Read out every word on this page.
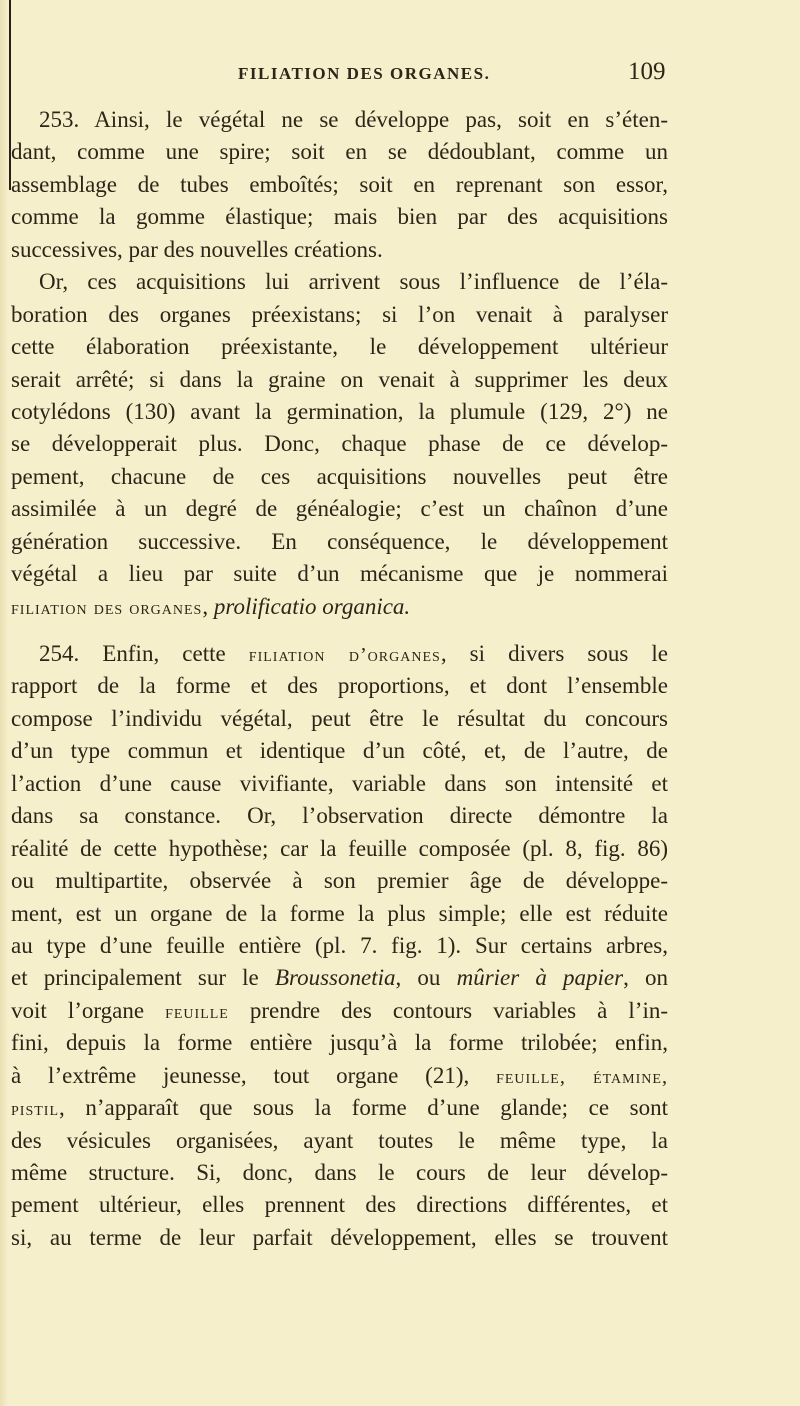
FILIATION DES ORGANES.	109
253. Ainsi, le végétal ne se développe pas, soit en s’éten-
dant, comme une spire; soit en se dédoublant, comme un
assemblage de tubes emboîtés; soit en reprenant son essor,
comme la gomme élastique; mais bien par des acquisitions
successives, par des nouvelles créations.
Or, ces acquisitions lui arrivent sous l’influence de l’éla-
boration des organes préexistans; si l’on venait à paralyser
cette élaboration préexistante, le développement ultérieur
serait arrêté; si dans la graine on venait à supprimer les deux
cotylédons (130) avant la germination, la plumule (129, 2°) ne
se développerait plus. Donc, chaque phase de ce dévelop-
pement, chacune de ces acquisitions nouvelles peut être
assimilée à un degré de généalogie; c’est un chaînon d’une
génération successive. En conséquence, le développement
végétal a lieu par suite d’un mécanisme que je nommerai
filiation des organes, prolificatio organica.
254. Enfin, cette filiation d’organes, si divers sous le
rapport de la forme et des proportions, et dont l’ensemble
compose l’individu végétal, peut être le résultat du concours
d’un type commun et identique d’un côté, et, de l’autre, de
l’action d’une cause vivifiante, variable dans son intensité et
dans sa constance. Or, l’observation directe démontre la
réalité de cette hypothèse; car la feuille composée (pl. 8, fig. 86)
ou multipartite, observée à son premier âge de développe-
ment, est un organe de la forme la plus simple; elle est réduite
au type d’une feuille entière (pl. 7. fig. 1). Sur certains arbres,
et principalement sur le Broussonetia, ou mûrier à papier, on
voit l’organe feuille prendre des contours variables à l’in-
fini, depuis la forme entière jusqu’à la forme trilobée; enfin,
à l’extrême jeunesse, tout organe (21), feuille, étamine,
pistil, n’apparaît que sous la forme d’une glande; ce sont
des vésicules organisées, ayant toutes le même type, la
même structure. Si, donc, dans le cours de leur dévelop-
pement ultérieur, elles prennent des directions différentes, et
si, au terme de leur parfait développement, elles se trouvent
